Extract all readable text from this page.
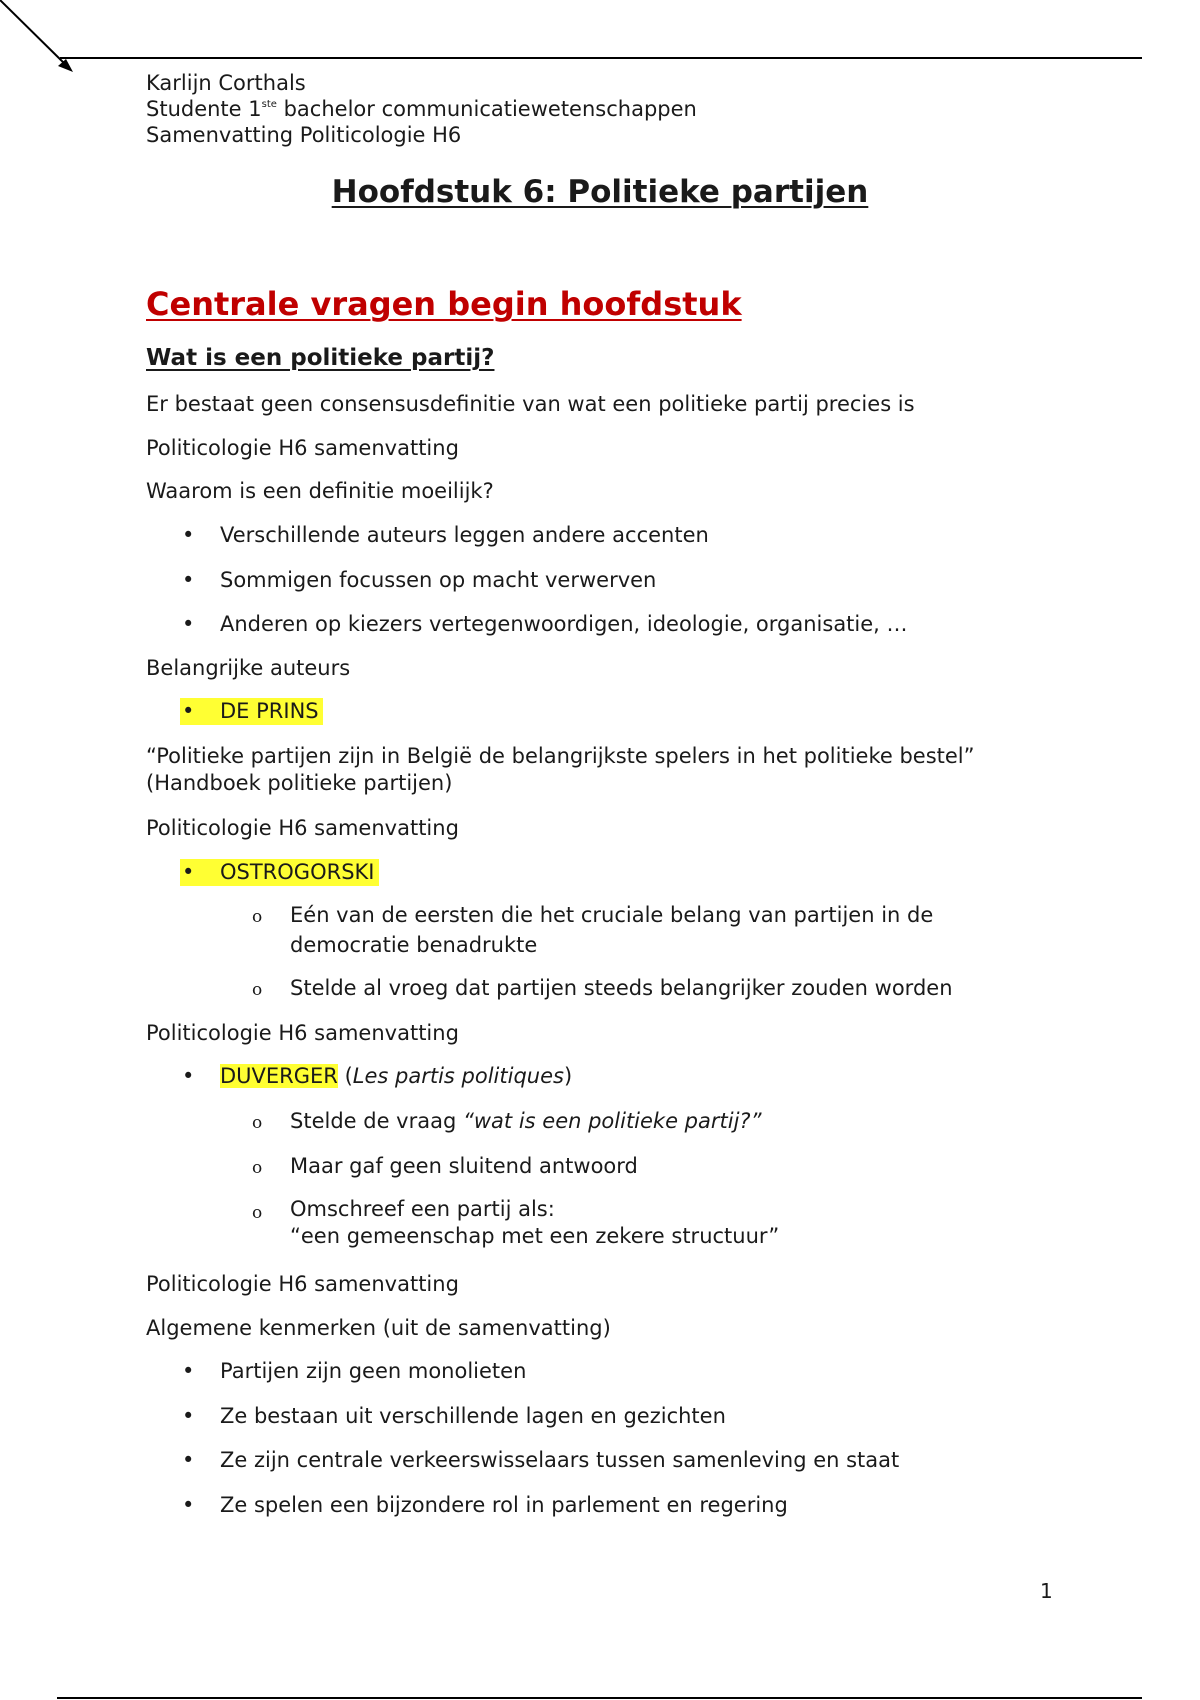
Karlijn Corthals
Studente 1ste bachelor communicatiewetenschappen
Samenvatting Politicologie H6
Hoofdstuk 6: Politieke partijen
Centrale vragen begin hoofdstuk
Wat is een politieke partij?
Er bestaat geen consensusdefinitie van wat een politieke partij precies is
Politicologie H6 samenvatting
Waarom is een definitie moeilijk?
• Verschillende auteurs leggen andere accenten
• Sommigen focussen op macht verwerven
• Anderen op kiezers vertegenwoordigen, ideologie, organisatie, …
Belangrijke auteurs
• DE PRINS
“Politieke partijen zijn in België de belangrijkste spelers in het politieke bestel”
(Handboek politieke partijen)
Politicologie H6 samenvatting
• OSTROGORSKI
o Eén van de eersten die het cruciale belang van partijen in de
democratie benadrukte
o Stelde al vroeg dat partijen steeds belangrijker zouden worden
Politicologie H6 samenvatting
• DUVERGER (Les partis politiques)
o Stelde de vraag “wat is een politieke partij?”
o Maar gaf geen sluitend antwoord
o Omschreef een partij als:
“een gemeenschap met een zekere structuur”
Politicologie H6 samenvatting
Algemene kenmerken (uit de samenvatting)
• Partijen zijn geen monolieten
• Ze bestaan uit verschillende lagen en gezichten
• Ze zijn centrale verkeerswisselaars tussen samenleving en staat
• Ze spelen een bijzondere rol in parlement en regering
1
